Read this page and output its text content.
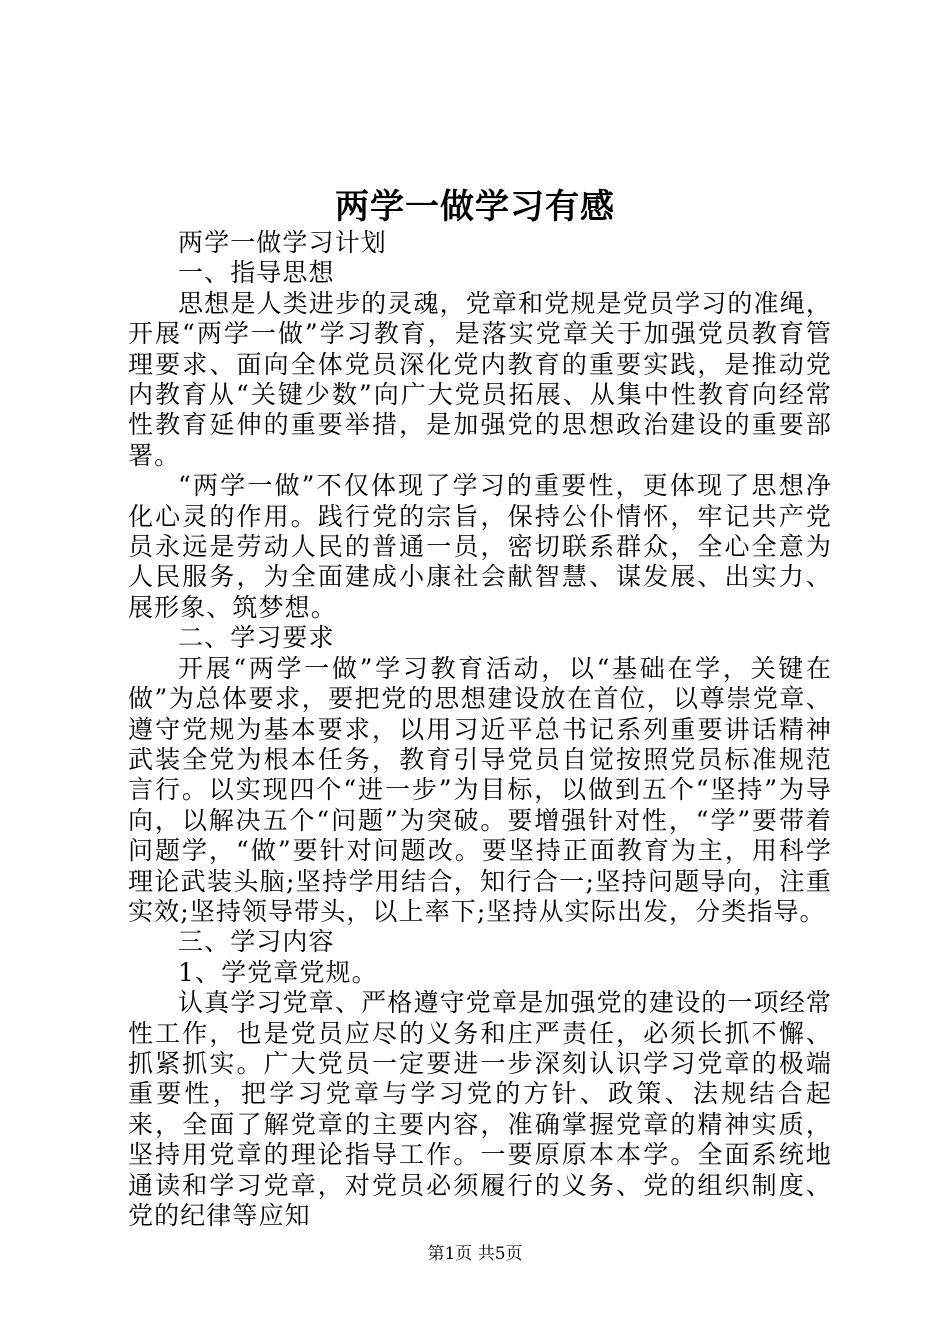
两学一做学习有感

两学一做学习计划

一、指导思想

思想是人类进步的灵魂，党章和党规是党员学习的准绳，开展“两学一做”学习教育，是落实党章关于加强党员教育管理要求、面向全体党员深化党内教育的重要实践，是推动党内教育从“关键少数”向广大党员拓展、从集中性教育向经常性教育延伸的重要举措，是加强党的思想政治建设的重要部署。

“两学一做”不仅体现了学习的重要性，更体现了思想净化心灵的作用。践行党的宗旨，保持公仆情怀，牢记共产党员永远是劳动人民的普通一员，密切联系群众，全心全意为人民服务，为全面建成小康社会献智慧、谋发展、出实力、展形象、筑梦想。

二、学习要求

开展“两学一做”学习教育活动，以“基础在学，关键在做”为总体要求，要把党的思想建设放在首位，以尊崇党章、遵守党规为基本要求，以用习近平总书记系列重要讲话精神武装全党为根本任务，教育引导党员自觉按照党员标准规范言行。以实现四个“进一步”为目标，以做到五个“坚持”为导向，以解决五个“问题”为突破。要增强针对性，“学”要带着问题学，“做”要针对问题改。要坚持正面教育为主，用科学理论武装头脑;坚持学用结合，知行合一;坚持问题导向，注重实效;坚持领导带头，以上率下;坚持从实际出发，分类指导。

三、学习内容

1、学党章党规。

认真学习党章、严格遵守党章是加强党的建设的一项经常性工作，也是党员应尽的义务和庄严责任，必须长抓不懈、抓紧抓实。广大党员一定要进一步深刻认识学习党章的极端重要性，把学习党章与学习党的方针、政策、法规结合起来，全面了解党章的主要内容，准确掌握党章的精神实质，坚持用党章的理论指导工作。一要原原本本学。全面系统地通读和学习党章，对党员必须履行的义务、党的组织制度、党的纪律等应知

第1页 共5页
